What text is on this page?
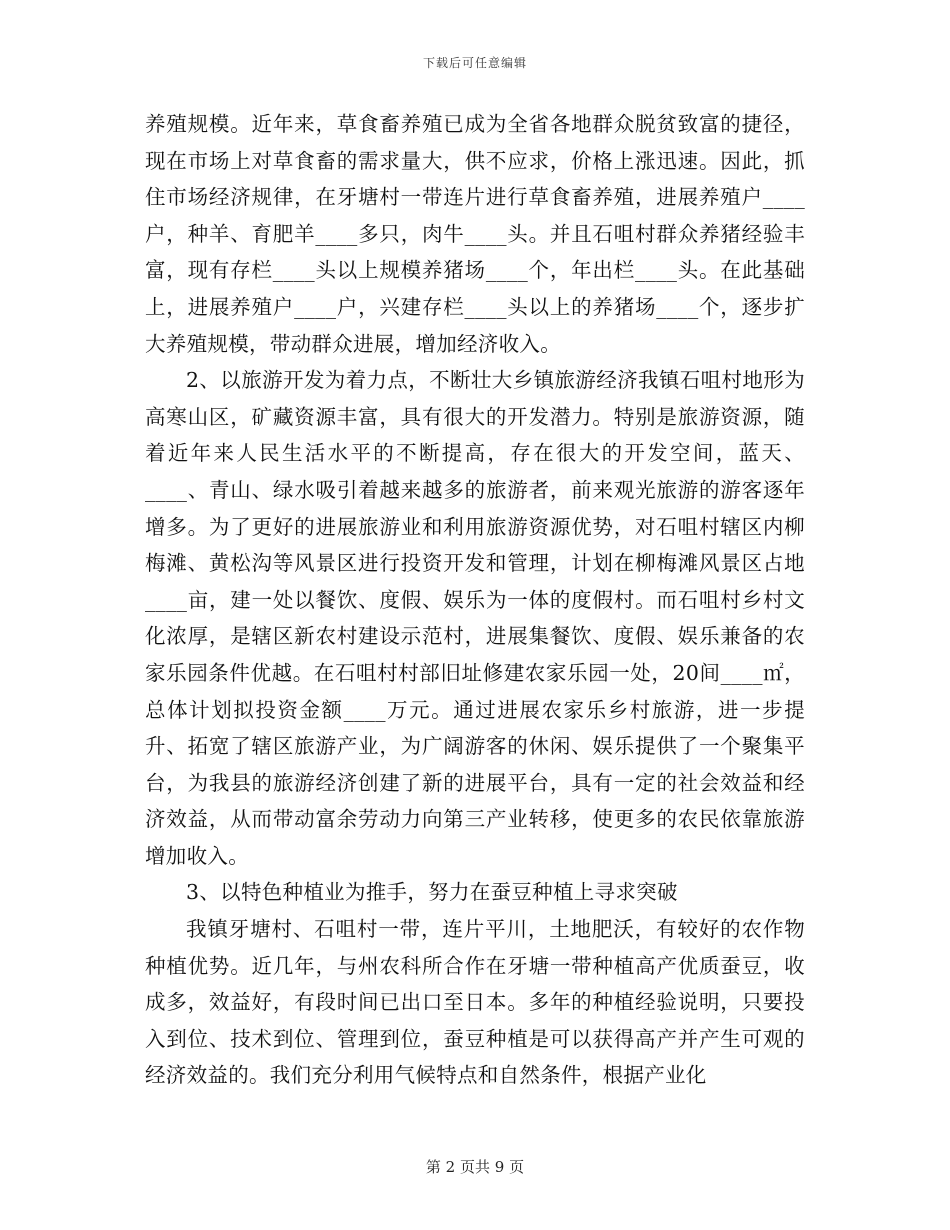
下载后可任意编辑

养殖规模。近年来，草食畜养殖已成为全省各地群众脱贫致富的捷径，现在市场上对草食畜的需求量大，供不应求，价格上涨迅速。因此，抓住市场经济规律，在牙塘村一带连片进行草食畜养殖，进展养殖户____户，种羊、育肥羊____多只，肉牛____头。并且石咀村群众养猪经验丰富，现有存栏____头以上规模养猪场____个，年出栏____头。在此基础上，进展养殖户____户，兴建存栏____头以上的养猪场____个，逐步扩大养殖规模，带动群众进展，增加经济收入。

2、以旅游开发为着力点，不断壮大乡镇旅游经济我镇石咀村地形为高寒山区，矿藏资源丰富，具有很大的开发潜力。特别是旅游资源，随着近年来人民生活水平的不断提高，存在很大的开发空间，蓝天、____、青山、绿水吸引着越来越多的旅游者，前来观光旅游的游客逐年增多。为了更好的进展旅游业和利用旅游资源优势，对石咀村辖区内柳梅滩、黄松沟等风景区进行投资开发和管理，计划在柳梅滩风景区占地____亩，建一处以餐饮、度假、娱乐为一体的度假村。而石咀村乡村文化浓厚，是辖区新农村建设示范村，进展集餐饮、度假、娱乐兼备的农家乐园条件优越。在石咀村村部旧址修建农家乐园一处，20间____㎡，总体计划拟投资金额____万元。通过进展农家乐乡村旅游，进一步提升、拓宽了辖区旅游产业，为广阔游客的休闲、娱乐提供了一个聚集平台，为我县的旅游经济创建了新的进展平台，具有一定的社会效益和经济效益，从而带动富余劳动力向第三产业转移，使更多的农民依靠旅游增加收入。

3、以特色种植业为推手，努力在蚕豆种植上寻求突破

我镇牙塘村、石咀村一带，连片平川，土地肥沃，有较好的农作物种植优势。近几年，与州农科所合作在牙塘一带种植高产优质蚕豆，收成多，效益好，有段时间已出口至日本。多年的种植经验说明，只要投入到位、技术到位、管理到位，蚕豆种植是可以获得高产并产生可观的经济效益的。我们充分利用气候特点和自然条件，根据产业化

第 2 页共 9 页
